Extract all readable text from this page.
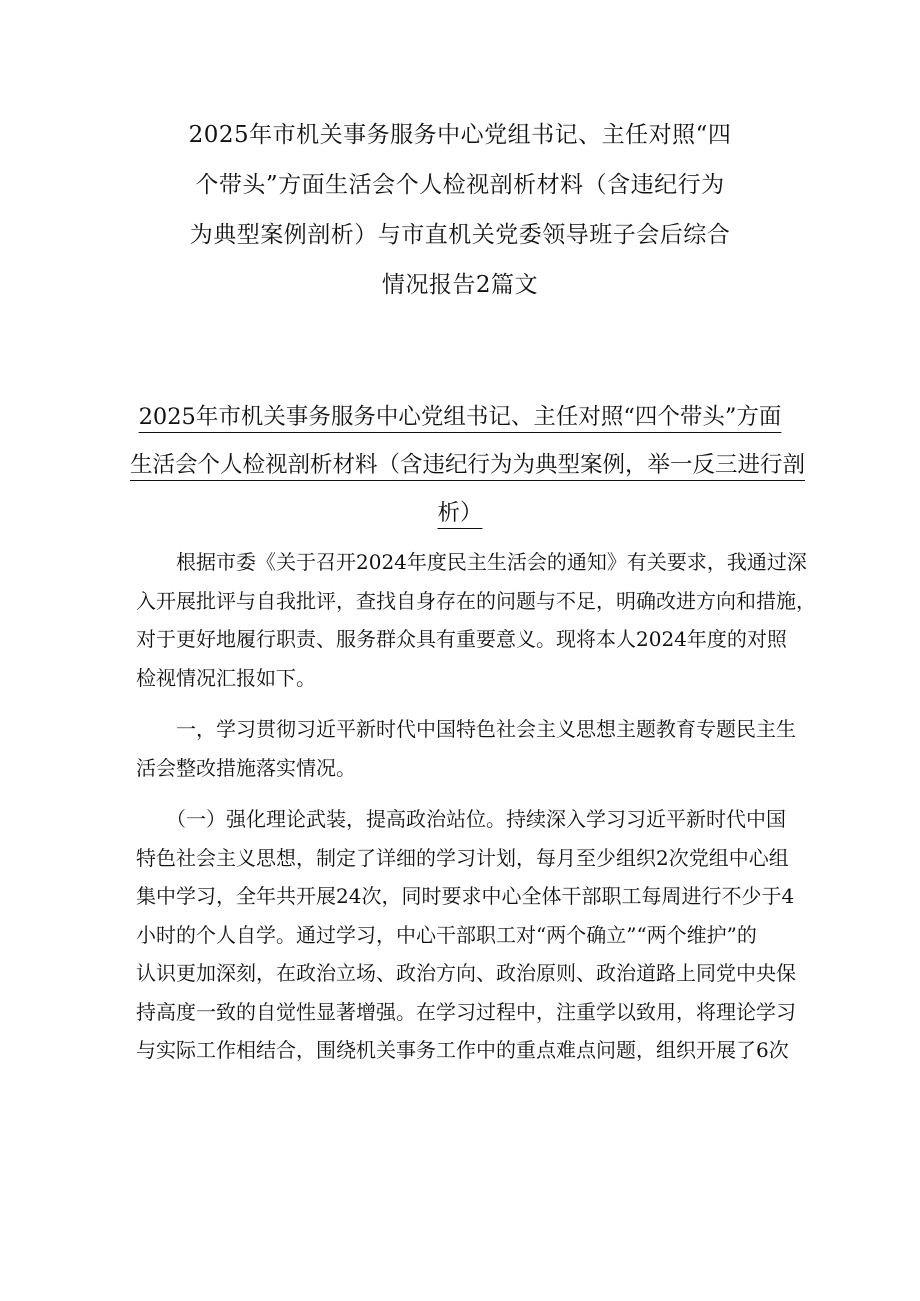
2025年市机关事务服务中心党组书记、主任对照“四
个带头”方面生活会个人检视剖析材料（含违纪行为
为典型案例剖析）与市直机关党委领导班子会后综合
情况报告2篇文
2025年市机关事务服务中心党组书记、主任对照“四个带头”方面
生活会个人检视剖析材料（含违纪行为为典型案例，举一反三进行剖
析）
　　根据市委《关于召开2024年度民主生活会的通知》有关要求，我通过深
入开展批评与自我批评，查找自身存在的问题与不足，明确改进方向和措施，
对于更好地履行职责、服务群众具有重要意义。现将本人2024年度的对照
检视情况汇报如下。
　　一，学习贯彻习近平新时代中国特色社会主义思想主题教育专题民主生
活会整改措施落实情况。
　　（一）强化理论武装，提高政治站位。持续深入学习习近平新时代中国
特色社会主义思想，制定了详细的学习计划，每月至少组织2次党组中心组
集中学习，全年共开展24次，同时要求中心全体干部职工每周进行不少于4
小时的个人自学。通过学习，中心干部职工对“两个确立”“两个维护”的
认识更加深刻，在政治立场、政治方向、政治原则、政治道路上同党中央保
持高度一致的自觉性显著增强。在学习过程中，注重学以致用，将理论学习
与实际工作相结合，围绕机关事务工作中的重点难点问题，组织开展了6次
